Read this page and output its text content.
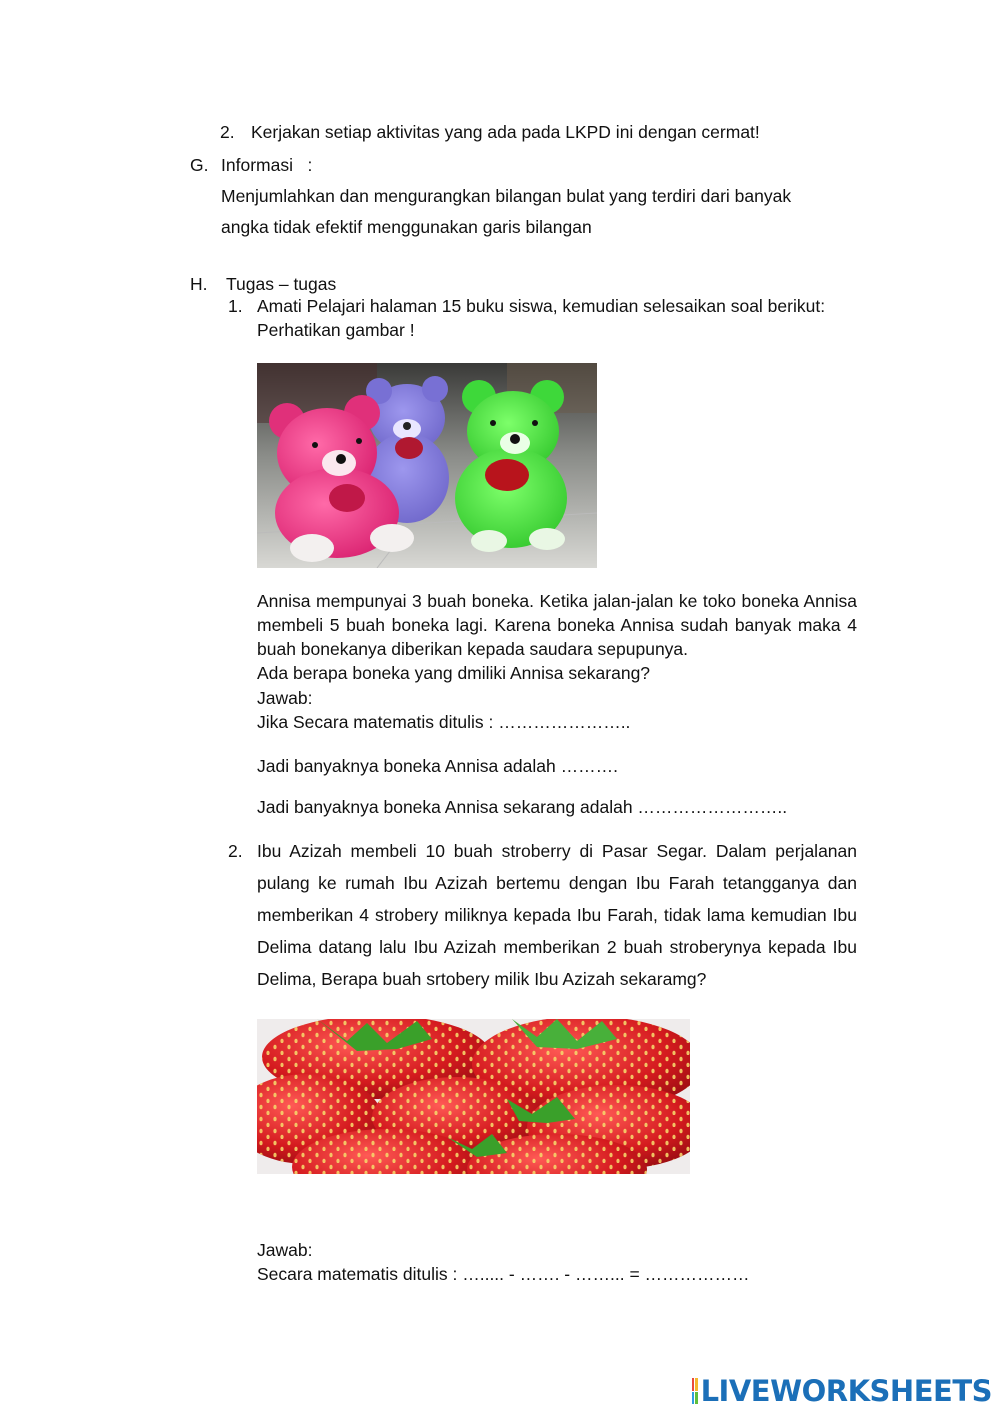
2. Kerjakan setiap aktivitas yang ada pada LKPD ini dengan cermat!
G. Informasi   :
Menjumlahkan dan mengurangkan bilangan bulat yang terdiri dari banyak
angka tidak efektif menggunakan garis bilangan
H. Tugas – tugas
1. Amati Pelajari halaman 15 buku siswa, kemudian selesaikan soal berikut:
Perhatikan gambar !
Annisa mempunyai 3 buah boneka. Ketika jalan-jalan ke toko boneka Annisa membeli 5 buah boneka lagi. Karena boneka Annisa sudah banyak maka 4 buah bonekanya diberikan kepada saudara sepupunya.
Ada berapa boneka yang dmiliki Annisa sekarang?
Jawab:
Jika Secara matematis ditulis : …………………..
Jadi banyaknya boneka Annisa adalah ……….
Jadi banyaknya boneka Annisa sekarang adalah ……………………..
2. Ibu Azizah membeli 10 buah stroberry di Pasar Segar. Dalam perjalanan pulang ke rumah Ibu Azizah bertemu dengan Ibu Farah tetangganya dan memberikan 4 strobery miliknya kepada Ibu Farah, tidak lama kemudian Ibu Delima datang lalu Ibu Azizah memberikan 2 buah stroberynya kepada Ibu Delima, Berapa buah srtobery milik Ibu Azizah sekaramg?
Jawab:
Secara matematis ditulis : …..... - ……. - ……... = ………………
LIVEWORKSHEETS
